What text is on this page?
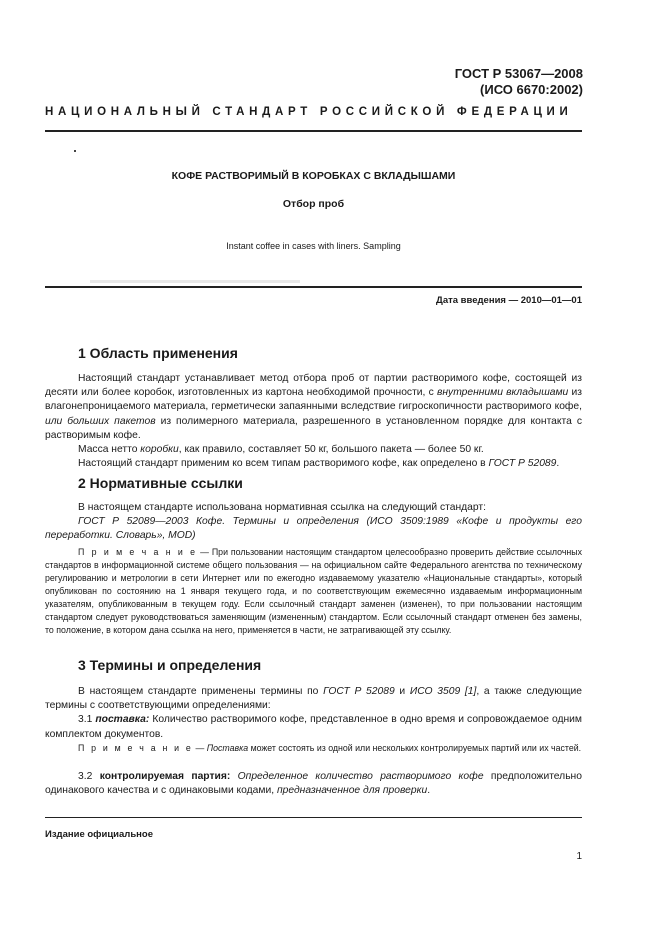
ГОСТ Р 53067—2008
(ИСО 6670:2002)
НАЦИОНАЛЬНЫЙ СТАНДАРТ РОССИЙСКОЙ ФЕДЕРАЦИИ
КОФЕ РАСТВОРИМЫЙ В КОРОБКАХ С ВКЛАДЫШАМИ
Отбор проб
Instant coffee in cases with liners. Sampling
Дата введения — 2010—01—01
1 Область применения

Настоящий стандарт устанавливает метод отбора проб от партии растворимого кофе, состоящей из десяти или более коробок, изготовленных из картона необходимой прочности, с внутренними вкладышами из влагонепроницаемого материала, герметически запаянными вследствие гигроскопичности растворимого кофе, или больших пакетов из полимерного материала, разрешенного в установленном порядке для контакта с растворимым кофе.

Масса нетто коробки, как правило, составляет 50 кг, большого пакета — более 50 кг.

Настоящий стандарт применим ко всем типам растворимого кофе, как определено в ГОСТ Р 52089.

2 Нормативные ссылки

В настоящем стандарте использована нормативная ссылка на следующий стандарт:

ГОСТ Р 52089—2003 Кофе. Термины и определения (ИСО 3509:1989 «Кофе и продукты его переработки. Словарь», MOD)

П р и м е ч а н и е — При пользовании настоящим стандартом целесообразно проверить действие ссылочных стандартов в информационной системе общего пользования — на официальном сайте Федерального агентства по техническому регулированию и метрологии в сети Интернет или по ежегодно издаваемому указателю «Национальные стандарты», который опубликован по состоянию на 1 января текущего года, и по соответствующим ежемесячно издаваемым информационным указателям, опубликованным в текущем году. Если ссылочный стандарт заменен (изменен), то при пользовании настоящим стандартом следует руководствоваться заменяющим (измененным) стандартом. Если ссылочный стандарт отменен без замены, то положение, в котором дана ссылка на него, применяется в части, не затрагивающей эту ссылку.

3 Термины и определения

В настоящем стандарте применены термины по ГОСТ Р 52089 и ИСО 3509 [1], а также следующие термины с соответствующими определениями:

3.1 поставка: Количество растворимого кофе, представленное в одно время и сопровождаемое одним комплектом документов.

П р и м е ч а н и е — Поставка может состоять из одной или нескольких контролируемых партий или их частей.

3.2 контролируемая партия: Определенное количество растворимого кофе предположительно одинакового качества и с одинаковыми кодами, предназначенное для проверки.

Издание официальное
1
